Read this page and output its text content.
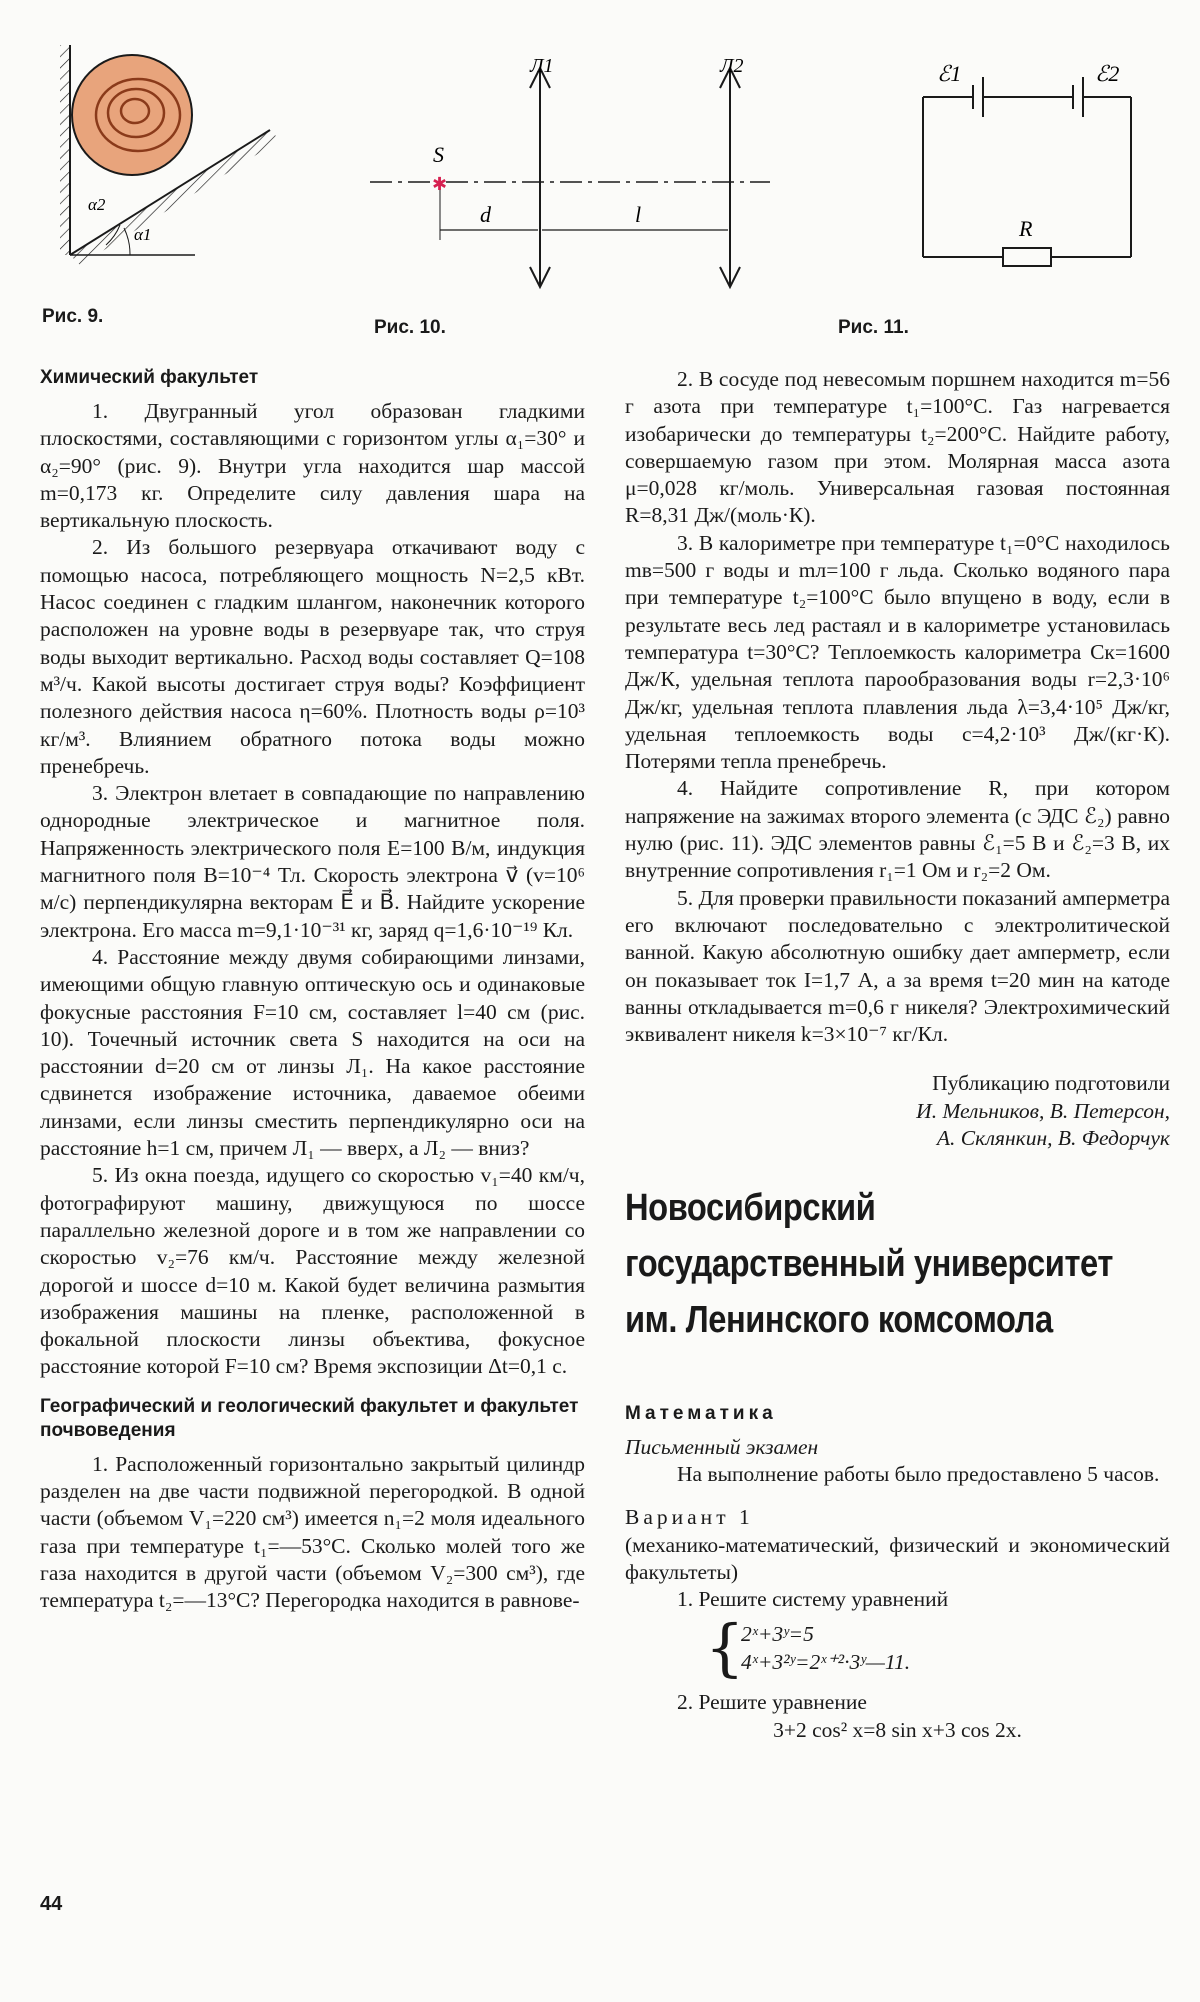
α2
α1
Рис. 9.
Л1	Л2
S
✱
d	l
Рис. 10.
ℰ1	ℰ2
R
Рис. 11.
Химический факультет

1. Двугранный угол образован гладкими плоскостями, составляющими с горизонтом углы α₁=30° и α₂=90° (рис. 9). Внутри угла находится шар массой m=0,173 кг. Определите силу давления шара на вертикальную плоскость.

2. Из большого резервуара откачивают воду с помощью насоса, потребляющего мощность N=2,5 кВт. Насос соединен с гладким шлангом, наконечник которого расположен на уровне воды в резервуаре так, что струя воды выходит вертикально. Расход воды составляет Q=108 м³/ч. Какой высоты достигает струя воды? Коэффициент полезного действия насоса η=60%. Плотность воды ρ=10³ кг/м³. Влиянием обратного потока воды можно пренебречь.

3. Электрон влетает в совпадающие по направлению однородные электрическое и магнитное поля. Напряженность электрического поля E=100 В/м, индукция магнитного поля B=10⁻⁴ Тл. Скорость электрона v⃗ (v=10⁶ м/с) перпендикулярна векторам E⃗ и B⃗. Найдите ускорение электрона. Его масса m=9,1·10⁻³¹ кг, заряд q=1,6·10⁻¹⁹ Кл.

4. Расстояние между двумя собирающими линзами, имеющими общую главную оптическую ось и одинаковые фокусные расстояния F=10 см, составляет l=40 см (рис. 10). Точечный источник света S находится на оси на расстоянии d=20 см от линзы Л₁. На какое расстояние сдвинется изображение источника, даваемое обеими линзами, если линзы сместить перпендикулярно оси на расстояние h=1 см, причем Л₁ — вверх, а Л₂ — вниз?

5. Из окна поезда, идущего со скоростью v₁=40 км/ч, фотографируют машину, движущуюся по шоссе параллельно железной дороге и в том же направлении со скоростью v₂=76 км/ч. Расстояние между железной дорогой и шоссе d=10 м. Какой будет величина размытия изображения машины на пленке, расположенной в фокальной плоскости линзы объектива, фокусное расстояние которой F=10 см? Время экспозиции Δt=0,1 с.

Географический и геологический факультет и факультет почвоведения

1. Расположенный горизонтально закрытый цилиндр разделен на две части подвижной перегородкой. В одной части (объемом V₁=220 см³) имеется n₁=2 моля идеального газа при температуре t₁=—53°С. Сколько молей того же газа находится в другой части (объемом V₂=300 см³), где температура t₂=—13°С? Перегородка находится в равнове-

2. В сосуде под невесомым поршнем находится m=56 г азота при температуре t₁=100°С. Газ нагревается изобарически до температуры t₂=200°С. Найдите работу, совершаемую газом при этом. Молярная масса азота μ=0,028 кг/моль. Универсальная газовая постоянная R=8,31 Дж/(моль·К).

3. В калориметре при температуре t₁=0°С находилось mв=500 г воды и mл=100 г льда. Сколько водяного пара при температуре t₂=100°С было впущено в воду, если в результате весь лед растаял и в калориметре установилась температура t=30°С? Теплоемкость калориметра Cк=1600 Дж/К, удельная теплота парообразования воды r=2,3·10⁶ Дж/кг, удельная теплота плавления льда λ=3,4·10⁵ Дж/кг, удельная теплоемкость воды c=4,2·10³ Дж/(кг·К). Потерями тепла пренебречь.

4. Найдите сопротивление R, при котором напряжение на зажимах второго элемента (с ЭДС ℰ₂) равно нулю (рис. 11). ЭДС элементов равны ℰ₁=5 В и ℰ₂=3 В, их внутренние сопротивления r₁=1 Ом и r₂=2 Ом.

5. Для проверки правильности показаний амперметра его включают последовательно с электролитической ванной. Какую абсолютную ошибку дает амперметр, если он показывает ток I=1,7 А, а за время t=20 мин на катоде ванны откладывается m=0,6 г никеля? Электрохимический эквивалент никеля k=3×10⁻⁷ кг/Кл.

Публикацию подготовили
И. Мельников, В. Петерсон,
А. Склянкин, В. Федорчук
Новосибирский
государственный университет
им. Ленинского комсомола
Математика
Письменный экзамен

На выполнение работы было предоставлено 5 часов.

Вариант 1

(механико-математический, физический и экономический факультеты)

1. Решите систему уравнений

{
2ˣ+3ʸ=5
4ˣ+3²ʸ=2ˣ⁺²·3ʸ—11.

2. Решите уравнение

3+2 cos² x=8 sin x+3 cos 2x.
44
